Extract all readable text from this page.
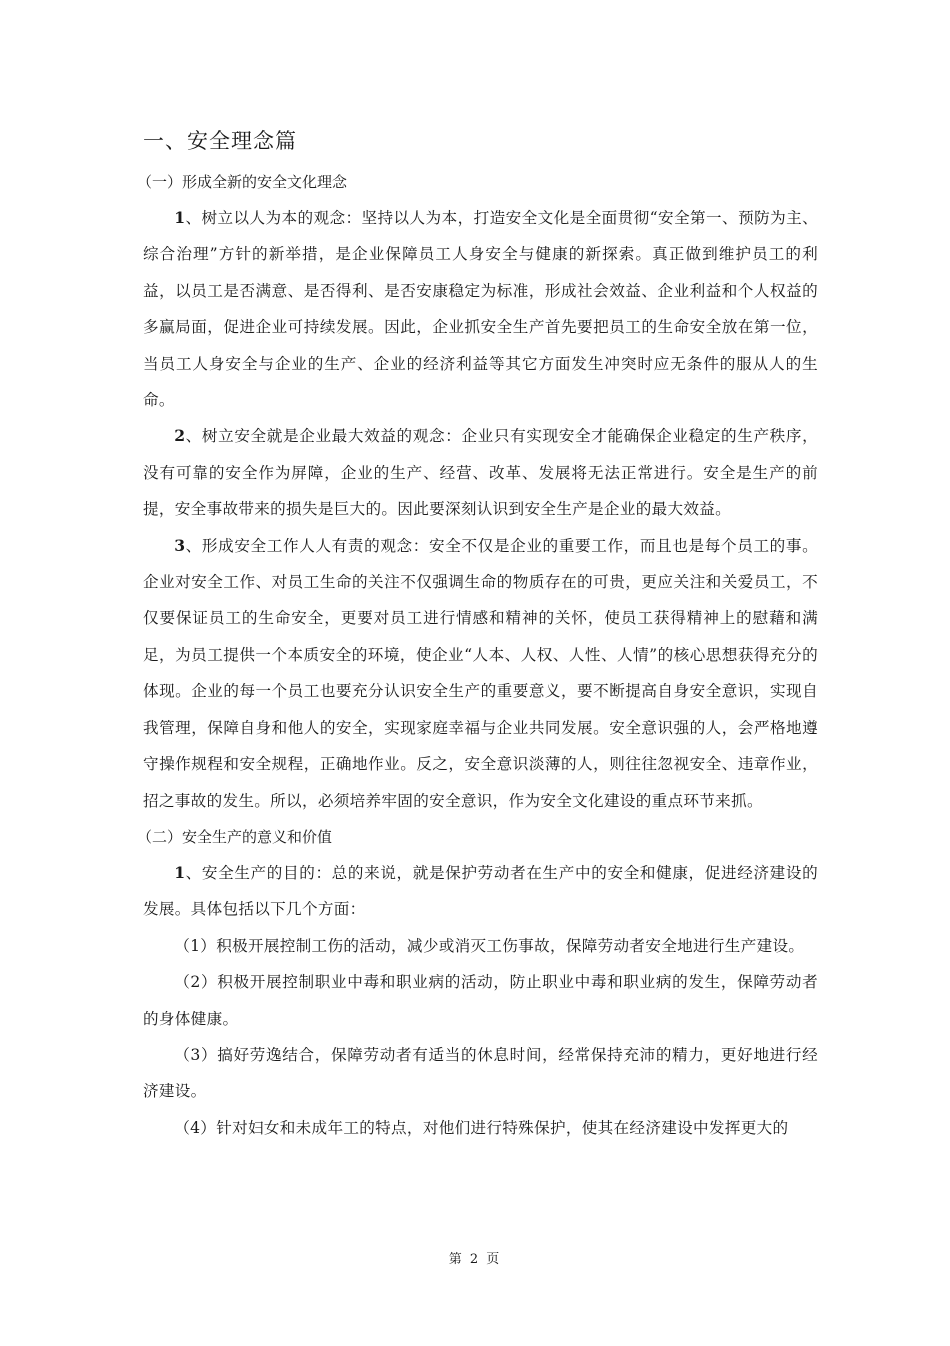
一、安全理念篇
（一）形成全新的安全文化理念

1、树立以人为本的观念：坚持以人为本，打造安全文化是全面贯彻“安全第一、预防为主、综合治理”方针的新举措，是企业保障员工人身安全与健康的新探索。真正做到维护员工的利益，以员工是否满意、是否得利、是否安康稳定为标准，形成社会效益、企业利益和个人权益的多赢局面，促进企业可持续发展。因此，企业抓安全生产首先要把员工的生命安全放在第一位，当员工人身安全与企业的生产、企业的经济利益等其它方面发生冲突时应无条件的服从人的生命。

2、树立安全就是企业最大效益的观念：企业只有实现安全才能确保企业稳定的生产秩序，没有可靠的安全作为屏障，企业的生产、经营、改革、发展将无法正常进行。安全是生产的前提，安全事故带来的损失是巨大的。因此要深刻认识到安全生产是企业的最大效益。

3、形成安全工作人人有责的观念：安全不仅是企业的重要工作，而且也是每个员工的事。企业对安全工作、对员工生命的关注不仅强调生命的物质存在的可贵，更应关注和关爱员工，不仅要保证员工的生命安全，更要对员工进行情感和精神的关怀，使员工获得精神上的慰藉和满足，为员工提供一个本质安全的环境，使企业“人本、人权、人性、人情”的核心思想获得充分的体现。企业的每一个员工也要充分认识安全生产的重要意义，要不断提高自身安全意识，实现自我管理，保障自身和他人的安全，实现家庭幸福与企业共同发展。安全意识强的人，会严格地遵守操作规程和安全规程，正确地作业。反之，安全意识淡薄的人，则往往忽视安全、违章作业，招之事故的发生。所以，必须培养牢固的安全意识，作为安全文化建设的重点环节来抓。

（二）安全生产的意义和价值

1、安全生产的目的：总的来说，就是保护劳动者在生产中的安全和健康，促进经济建设的发展。具体包括以下几个方面：

（1）积极开展控制工伤的活动，减少或消灭工伤事故，保障劳动者安全地进行生产建设。

（2）积极开展控制职业中毒和职业病的活动，防止职业中毒和职业病的发生，保障劳动者的身体健康。

（3）搞好劳逸结合，保障劳动者有适当的休息时间，经常保持充沛的精力，更好地进行经济建设。

（4）针对妇女和未成年工的特点，对他们进行特殊保护，使其在经济建设中发挥更大的

第 2 页
